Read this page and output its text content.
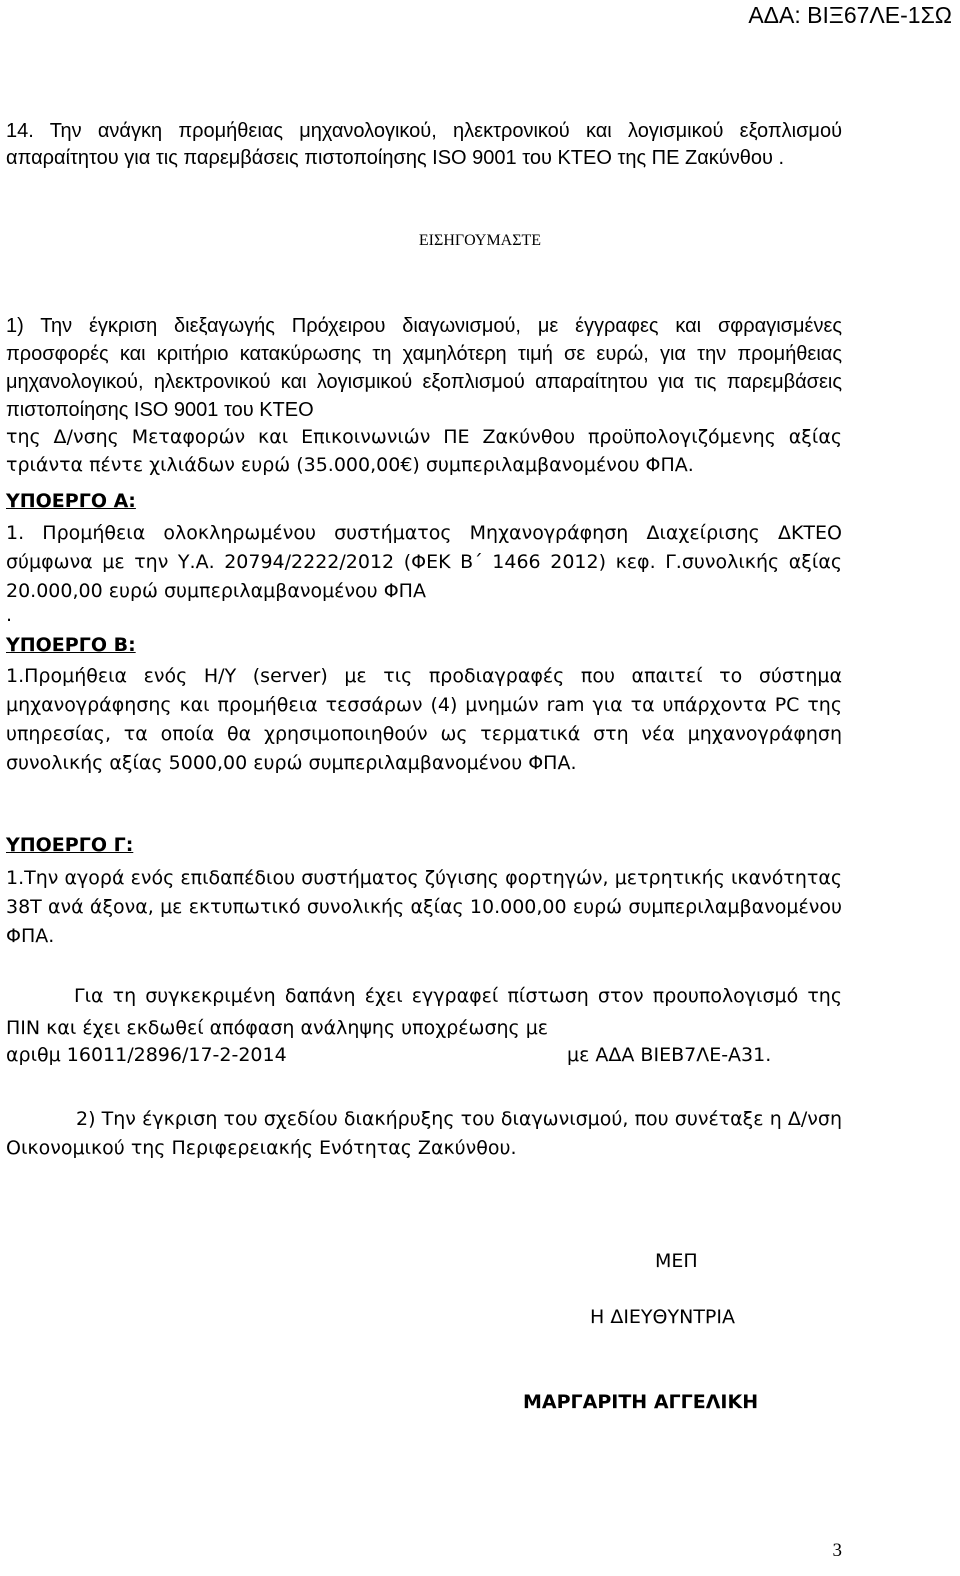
ΑΔΑ: ΒΙΞ67ΛΕ-1ΣΩ
14. Την ανάγκη προμήθειας μηχανολογικού, ηλεκτρονικού και λογισμικού εξοπλισμού απαραίτητου για τις παρεμβάσεις πιστοποίησης ISO 9001 του ΚΤΕΟ της ΠΕ Ζακύνθου .
ΕΙΣΗΓΟΥΜΑΣΤΕ
1) Την έγκριση διεξαγωγής Πρόχειρου διαγωνισμού, με έγγραφες και σφραγισμένες προσφορές και κριτήριο κατακύρωσης τη χαμηλότερη τιμή σε ευρώ, για την προμήθειας μηχανολογικού, ηλεκτρονικού και λογισμικού εξοπλισμού απαραίτητου για τις παρεμβάσεις πιστοποίησης ISO 9001 του ΚΤΕΟ
της Δ/νσης Μεταφορών και Επικοινωνιών ΠΕ Ζακύνθου προϋπολογιζόμενης αξίας τριάντα πέντε χιλιάδων ευρώ (35.000,00€) συμπεριλαμβανομένου ΦΠΑ.
ΥΠΟΕΡΓΟ Α:
1. Προμήθεια ολοκληρωμένου συστήματος Μηχανογράφηση Διαχείρισης ΔΚΤΕΟ σύμφωνα με την Υ.Α. 20794/2222/2012 (ΦΕΚ Β΄ 1466 2012) κεφ. Γ.συνολικής αξίας 20.000,00 ευρώ συμπεριλαμβανομένου ΦΠΑ
.
ΥΠΟΕΡΓΟ Β:
1.Προμήθεια ενός Η/Υ (server) με τις προδιαγραφές που απαιτεί το σύστημα μηχανογράφησης και προμήθεια τεσσάρων (4) μνημών ram για τα υπάρχοντα PC της υπηρεσίας, τα οποία θα χρησιμοποιηθούν ως τερματικά στη νέα μηχανογράφηση συνολικής αξίας 5000,00 ευρώ συμπεριλαμβανομένου ΦΠΑ.
ΥΠΟΕΡΓΟ Γ:
1.Την αγορά ενός επιδαπέδιου συστήματος ζύγισης φορτηγών, μετρητικής ικανότητας 38Τ ανά άξονα, με εκτυπωτικό συνολικής αξίας 10.000,00 ευρώ συμπεριλαμβανομένου ΦΠΑ.
Για τη συγκεκριμένη δαπάνη έχει εγγραφεί πίστωση στον προυπολογισμό της ΠΙΝ και έχει εκδωθεί απόφαση ανάληψης υποχρέωσης με
αριθμ 16011/2896/17-2-2014	με ΑΔΑ ΒΙΕΒ7ΛΕ-Α31.
2) Την έγκριση του σχεδίου διακήρυξης του διαγωνισμού, που συνέταξε η Δ/νση Οικονομικού της Περιφερειακής Ενότητας Ζακύνθου.
ΜΕΠ
Η ΔΙΕΥΘΥΝΤΡΙΑ
ΜΑΡΓΑΡΙΤΗ ΑΓΓΕΛΙΚΗ
3
